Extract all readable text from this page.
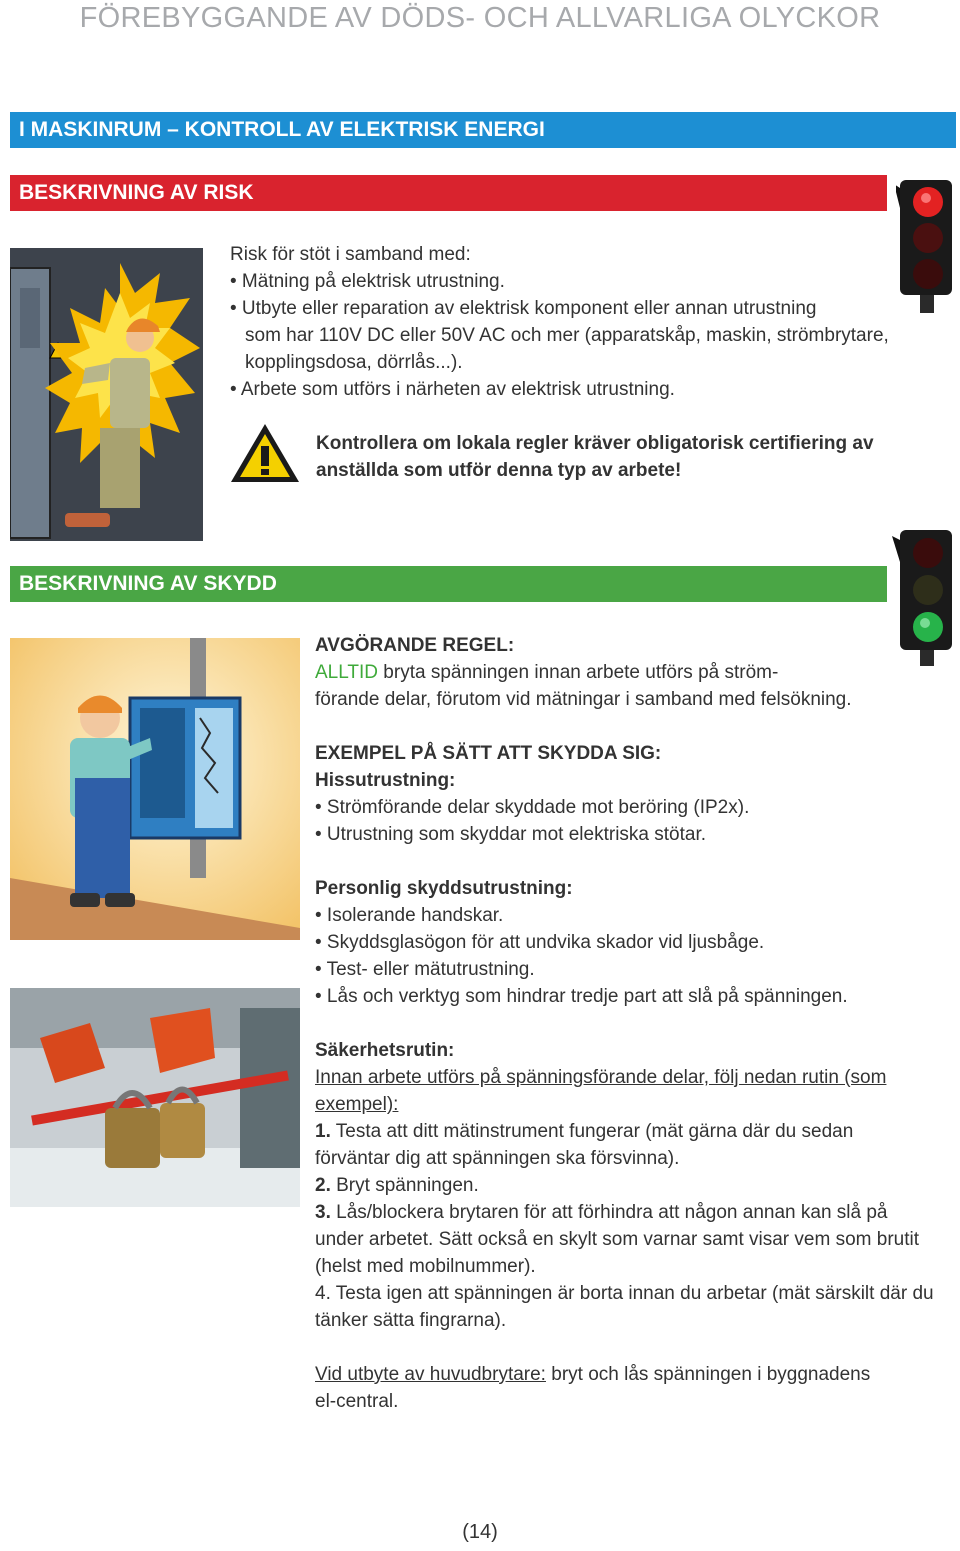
FÖREBYGGANDE AV DÖDS- OCH ALLVARLIGA OLYCKOR
I MASKINRUM – KONTROLL AV ELEKTRISK ENERGI
BESKRIVNING AV RISK
Risk för stöt i samband med:
• Mätning på elektrisk utrustning.
• Utbyte eller reparation av elektrisk komponent eller annan utrustning
som har 110V DC eller 50V AC och mer (apparatskåp, maskin, strömbrytare,
kopplingsdosa, dörrlås...).
• Arbete som utförs i närheten av elektrisk utrustning.
Kontrollera om lokala regler kräver obligatorisk certifiering av
anställda som utför denna typ av arbete!
BESKRIVNING AV SKYDD
AVGÖRANDE REGEL:
ALLTID bryta spänningen innan arbete utförs på ström-
förande delar, förutom vid mätningar i samband med felsökning.
EXEMPEL PÅ SÄTT ATT SKYDDA SIG:
Hissutrustning:
• Strömförande delar skyddade mot beröring (IP2x).
• Utrustning som skyddar mot elektriska stötar.
Personlig skyddsutrustning:
• Isolerande handskar.
• Skyddsglasögon för att undvika skador vid ljusbåge.
• Test- eller mätutrustning.
• Lås och verktyg som hindrar tredje part att slå på spänningen.
Säkerhetsrutin:
Innan arbete utförs på spänningsförande delar, följ nedan rutin (som
exempel):
1. Testa att ditt mätinstrument fungerar (mät gärna där du sedan
förväntar dig att spänningen ska försvinna).
2. Bryt spänningen.
3. Lås/blockera brytaren för att förhindra att någon annan kan slå på
under arbetet. Sätt också en skylt som varnar samt visar vem som brutit
(helst med mobilnummer).
4. Testa igen att spänningen är borta innan du arbetar (mät särskilt där du
tänker sätta fingrarna).
Vid utbyte av huvudbrytare: bryt och lås spänningen i byggnadens
el-central.
(14)
